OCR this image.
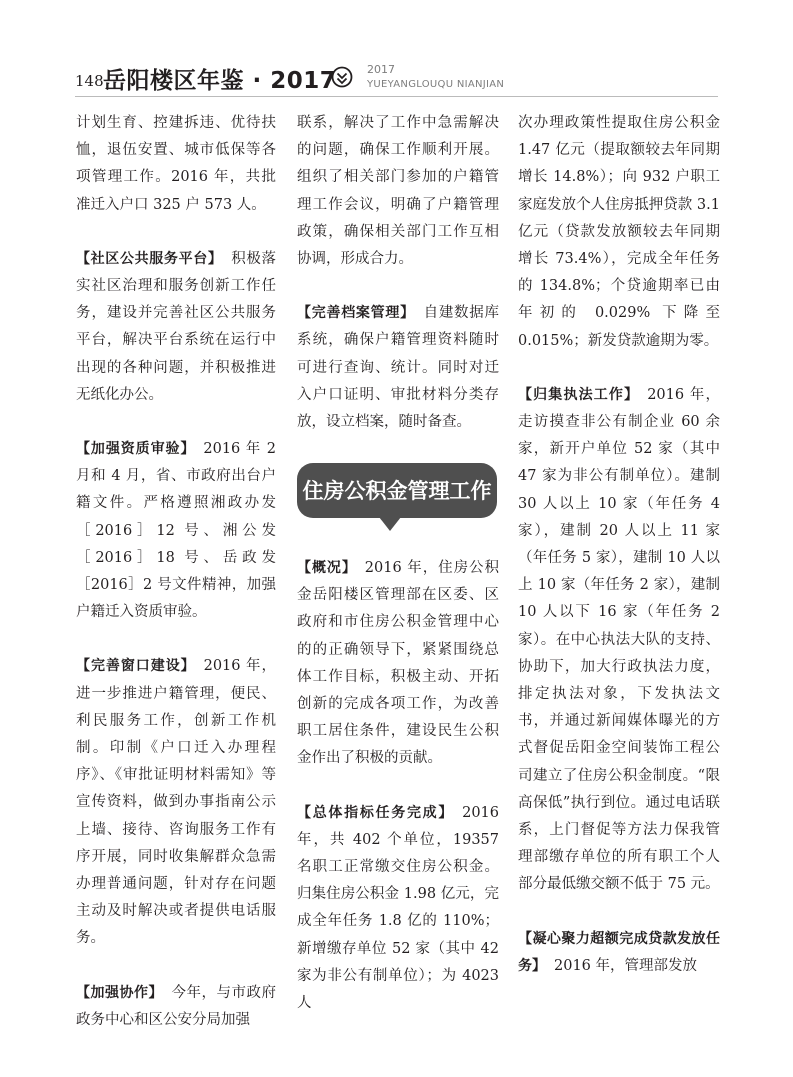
148 岳阳楼区年鉴 · 2017	2017
YUEYANGLOUQU NIANJIAN

计划生育、控建拆违、优待扶恤，退伍安置、城市低保等各项管理工作。2016 年，共批准迁入户口 325 户 573 人。

【社区公共服务平台】 积极落实社区治理和服务创新工作任务，建设并完善社区公共服务平台，解决平台系统在运行中出现的各种问题，并积极推进无纸化办公。

【加强资质审验】 2016 年 2 月和 4 月，省、市政府出台户籍文件。严格遵照湘政办发［2016］12 号、湘公发［2016］18 号、岳政发［2016］2 号文件精神，加强户籍迁入资质审验。

【完善窗口建设】 2016 年，进一步推进户籍管理，便民、利民服务工作，创新工作机制。印制《户口迁入办理程序》、《审批证明材料需知》等宣传资料，做到办事指南公示上墙、接待、咨询服务工作有序开展，同时收集解群众急需办理普通问题，针对存在问题主动及时解决或者提供电话服务。

【加强协作】 今年，与市政府政务中心和区公安分局加强

联系，解决了工作中急需解决的问题，确保工作顺利开展。组织了相关部门参加的户籍管理工作会议，明确了户籍管理政策，确保相关部门工作互相协调，形成合力。

【完善档案管理】 自建数据库系统，确保户籍管理资料随时可进行查询、统计。同时对迁入户口证明、审批材料分类存放，设立档案，随时备查。

住房公积金管理工作

【概况】 2016 年，住房公积金岳阳楼区管理部在区委、区政府和市住房公积金管理中心的的正确领导下，紧紧围绕总体工作目标，积极主动、开拓创新的完成各项工作，为改善职工居住条件，建设民生公积金作出了积极的贡献。

【总体指标任务完成】 2016 年，共 402 个单位，19357 名职工正常缴交住房公积金。归集住房公积金 1.98 亿元，完成全年任务 1.8 亿的 110%；新增缴存单位 52 家（其中 42 家为非公有制单位）；为 4023 人

次办理政策性提取住房公积金 1.47 亿元（提取额较去年同期增长 14.8%）；向 932 户职工家庭发放个人住房抵押贷款 3.1 亿元（贷款发放额较去年同期增长 73.4%），完成全年任务的 134.8%；个贷逾期率已由年初的 0.029% 下降至 0.015%；新发贷款逾期为零。

【归集执法工作】 2016 年，走访摸查非公有制企业 60 余家，新开户单位 52 家（其中 47 家为非公有制单位）。建制 30 人以上 10 家（年任务 4 家），建制 20 人以上 11 家（年任务 5 家），建制 10 人以上 10 家（年任务 2 家），建制 10 人以下 16 家（年任务 2 家）。在中心执法大队的支持、协助下，加大行政执法力度，排定执法对象，下发执法文书，并通过新闻媒体曝光的方式督促岳阳金空间装饰工程公司建立了住房公积金制度。“限高保低”执行到位。通过电话联系，上门督促等方法力保我管理部缴存单位的所有职工个人部分最低缴交额不低于 75 元。

【凝心聚力超额完成贷款发放任务】 2016 年，管理部发放
